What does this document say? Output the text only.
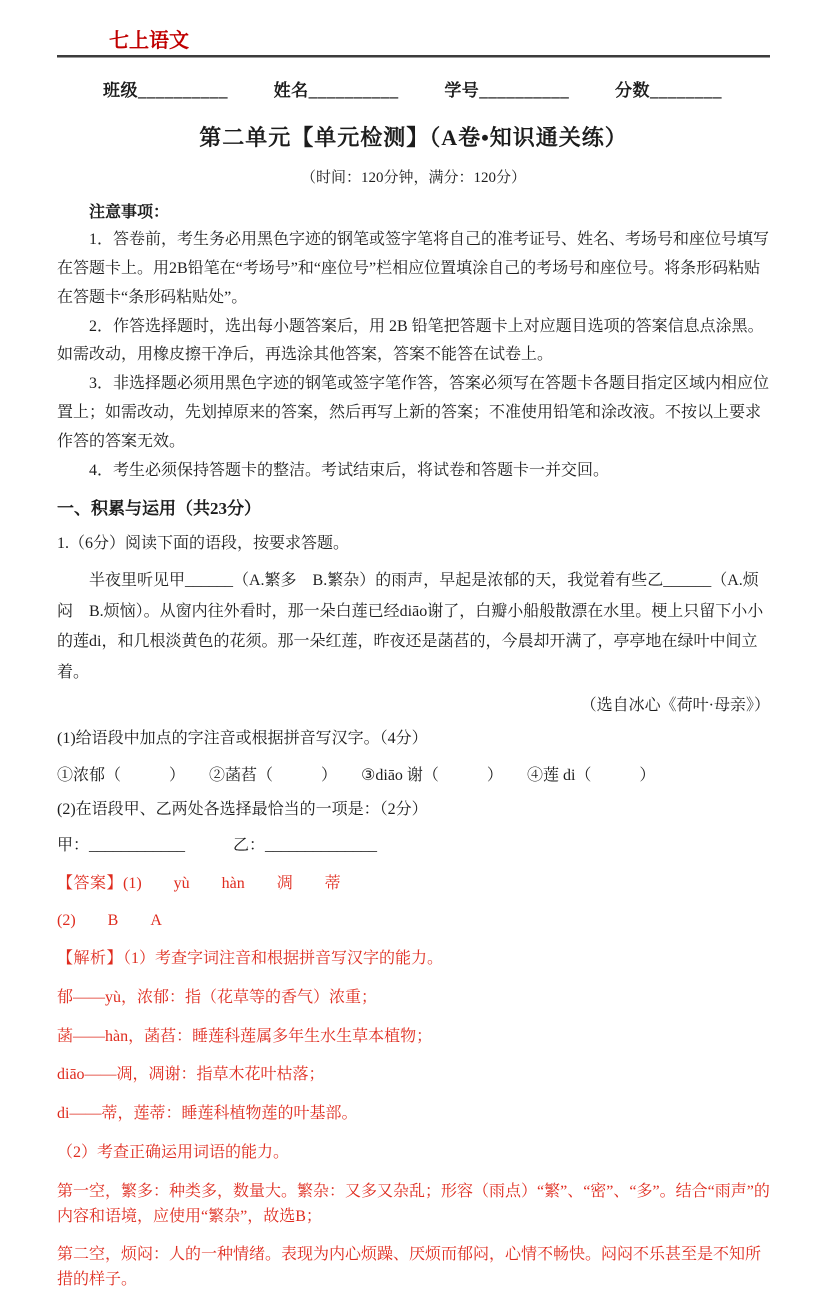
七上语文
班级__________	姓名__________	学号__________	分数________
第二单元【单元检测】（A卷•知识通关练）
（时间：120分钟，满分：120分）
注意事项：

1．答卷前，考生务必用黑色字迹的钢笔或签字笔将自己的准考证号、姓名、考场号和座位号填写在答题卡上。用2B铅笔在“考场号”和“座位号”栏相应位置填涂自己的考场号和座位号。将条形码粘贴在答题卡“条形码粘贴处”。

2．作答选择题时，选出每小题答案后，用 2B 铅笔把答题卡上对应题目选项的答案信息点涂黑。如需改动，用橡皮擦干净后，再选涂其他答案，答案不能答在试卷上。

3．非选择题必须用黑色字迹的钢笔或签字笔作答，答案必须写在答题卡各题目指定区域内相应位置上；如需改动，先划掉原来的答案，然后再写上新的答案；不准使用铅笔和涂改液。不按以上要求作答的答案无效。

4．考生必须保持答题卡的整洁。考试结束后，将试卷和答题卡一并交回。

一、积累与运用（共23分）

1.（6分）阅读下面的语段，按要求答题。

半夜里听见甲______（A.繁多　B.繁杂）的雨声，早起是浓郁的天，我觉着有些乙______（A.烦闷　B.烦恼）。从窗内往外看时，那一朵白莲已经diāo谢了，白瓣小船般散漂在水里。梗上只留下小小的莲di，和几根淡黄色的花须。那一朵红莲，昨夜还是菡萏的，今晨却开满了，亭亭地在绿叶中间立着。

（选自冰心《荷叶·母亲》）

(1)给语段中加点的字注音或根据拼音写汉字。（4分）

①浓郁（　　　） ②菡萏（　　　） ③diāo 谢（　　　） ④莲 di（　　　）

(2)在语段甲、乙两处各选择最恰当的一项是：（2分）

甲：____________　　　乙：______________

【答案】(1)　　yù　　hàn　　凋　　蒂

(2)　　B　　A

【解析】（1）考查字词注音和根据拼音写汉字的能力。

郁——yù，浓郁：指（花草等的香气）浓重；

菡——hàn，菡萏：睡莲科莲属多年生水生草本植物；

diāo——凋，凋谢：指草木花叶枯落；

di——蒂，莲蒂：睡莲科植物莲的叶基部。

（2）考查正确运用词语的能力。

第一空，繁多：种类多，数量大。繁杂：又多又杂乱；形容（雨点）“繁”、“密”、“多”。结合“雨声”的内容和语境，应使用“繁杂”，故选B；

第二空，烦闷：人的一种情绪。表现为内心烦躁、厌烦而郁闷，心情不畅快。闷闷不乐甚至是不知所措的样子。
